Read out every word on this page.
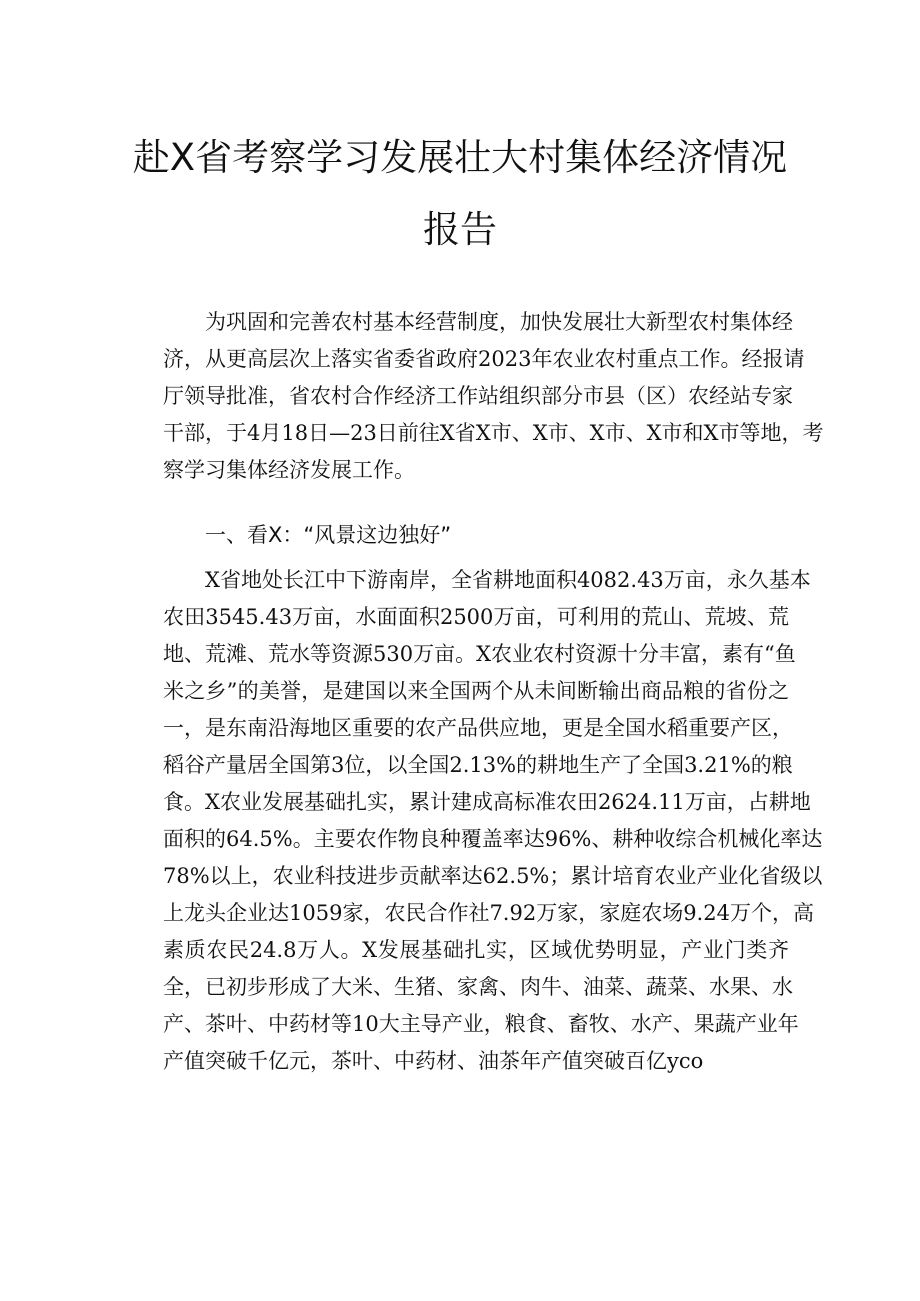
赴X省考察学习发展壮大村集体经济情况
报告
为巩固和完善农村基本经营制度，加快发展壮大新型农村集体经
济，从更高层次上落实省委省政府2023年农业农村重点工作。经报请
厅领导批准，省农村合作经济工作站组织部分市县（区）农经站专家
干部，于4月18日—23日前往X省X市、X市、X市、X市和X市等地，考
察学习集体经济发展工作。
一、看X：“风景这边独好”
X省地处长江中下游南岸，全省耕地面积4082.43万亩，永久基本
农田3545.43万亩，水面面积2500万亩，可利用的荒山、荒坡、荒
地、荒滩、荒水等资源530万亩。X农业农村资源十分丰富，素有“鱼
米之乡”的美誉，是建国以来全国两个从未间断输出商品粮的省份之
一，是东南沿海地区重要的农产品供应地，更是全国水稻重要产区，
稻谷产量居全国第3位，以全国2.13%的耕地生产了全国3.21%的粮
食。X农业发展基础扎实，累计建成高标准农田2624.11万亩，占耕地
面积的64.5%。主要农作物良种覆盖率达96%、耕种收综合机械化率达
78%以上，农业科技进步贡献率达62.5%；累计培育农业产业化省级以
上龙头企业达1059家，农民合作社7.92万家，家庭农场9.24万个，高
素质农民24.8万人。X发展基础扎实，区域优势明显，产业门类齐
全，已初步形成了大米、生猪、家禽、肉牛、油菜、蔬菜、水果、水
产、茶叶、中药材等10大主导产业，粮食、畜牧、水产、果蔬产业年
产值突破千亿元，茶叶、中药材、油茶年产值突破百亿yco
